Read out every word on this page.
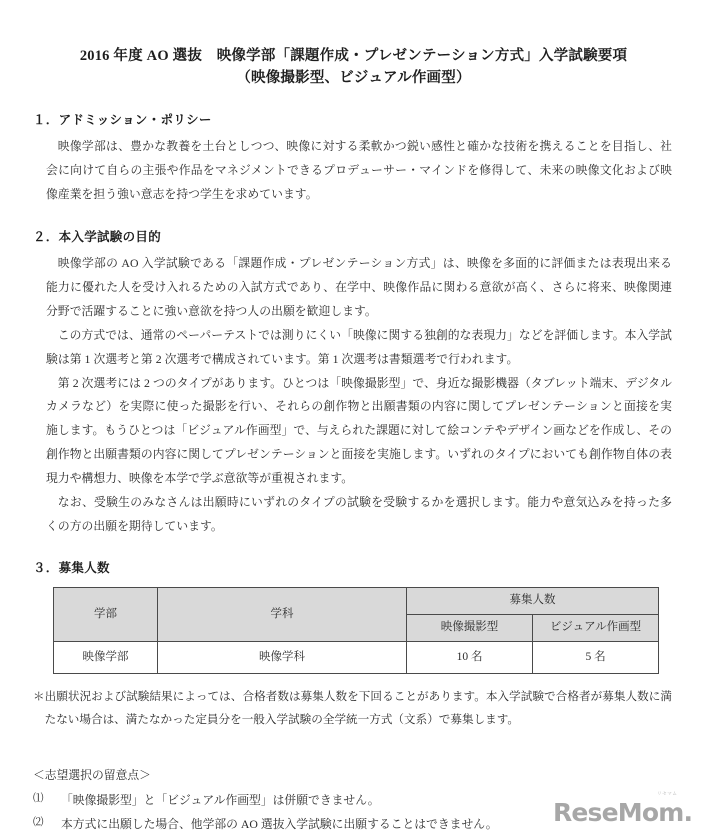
2016 年度 AO 選抜　映像学部「課題作成・プレゼンテーション方式」入学試験要項
（映像撮影型、ビジュアル作画型）
１．アドミッション・ポリシー

映像学部は、豊かな教養を土台としつつ、映像に対する柔軟かつ鋭い感性と確かな技術を携えることを目指し、社会に向けて自らの主張や作品をマネジメントできるプロデューサー・マインドを修得して、未来の映像文化および映像産業を担う強い意志を持つ学生を求めています。

２．本入学試験の目的

映像学部の AO 入学試験である「課題作成・プレゼンテーション方式」は、映像を多面的に評価または表現出来る能力に優れた人を受け入れるための入試方式であり、在学中、映像作品に関わる意欲が高く、さらに将来、映像関連分野で活躍することに強い意欲を持つ人の出願を歓迎します。

この方式では、通常のペーパーテストでは測りにくい「映像に関する独創的な表現力」などを評価します。本入学試験は第 1 次選考と第 2 次選考で構成されています。第 1 次選考は書類選考で行われます。

第 2 次選考には 2 つのタイプがあります。ひとつは「映像撮影型」で、身近な撮影機器（タブレット端末、デジタルカメラなど）を実際に使った撮影を行い、それらの創作物と出願書類の内容に関してプレゼンテーションと面接を実施します。もうひとつは「ビジュアル作画型」で、与えられた課題に対して絵コンテやデザイン画などを作成し、その創作物と出願書類の内容に関してプレゼンテーションと面接を実施します。いずれのタイプにおいても創作物自体の表現力や構想力、映像を本学で学ぶ意欲等が重視されます。

なお、受験生のみなさんは出願時にいずれのタイプの試験を受験するかを選択します。能力や意気込みを持った多くの方の出願を期待しています。

３．募集人数
学部	学科	募集人数	
		映像撮影型	ビジュアル作画型
映像学部	映像学科	10 名	5 名

＊出願状況および試験結果によっては、合格者数は募集人数を下回ることがあります。本入学試験で合格者が募集人数に満たない場合は、満たなかった定員分を一般入学試験の全学統一方式（文系）で募集します。

＜志望選択の留意点＞

⑴	「映像撮影型」と「ビジュアル作画型」は併願できません。
⑵	本方式に出願した場合、他学部の AO 選抜入学試験に出願することはできません。	ReseMom
リセマム
.
